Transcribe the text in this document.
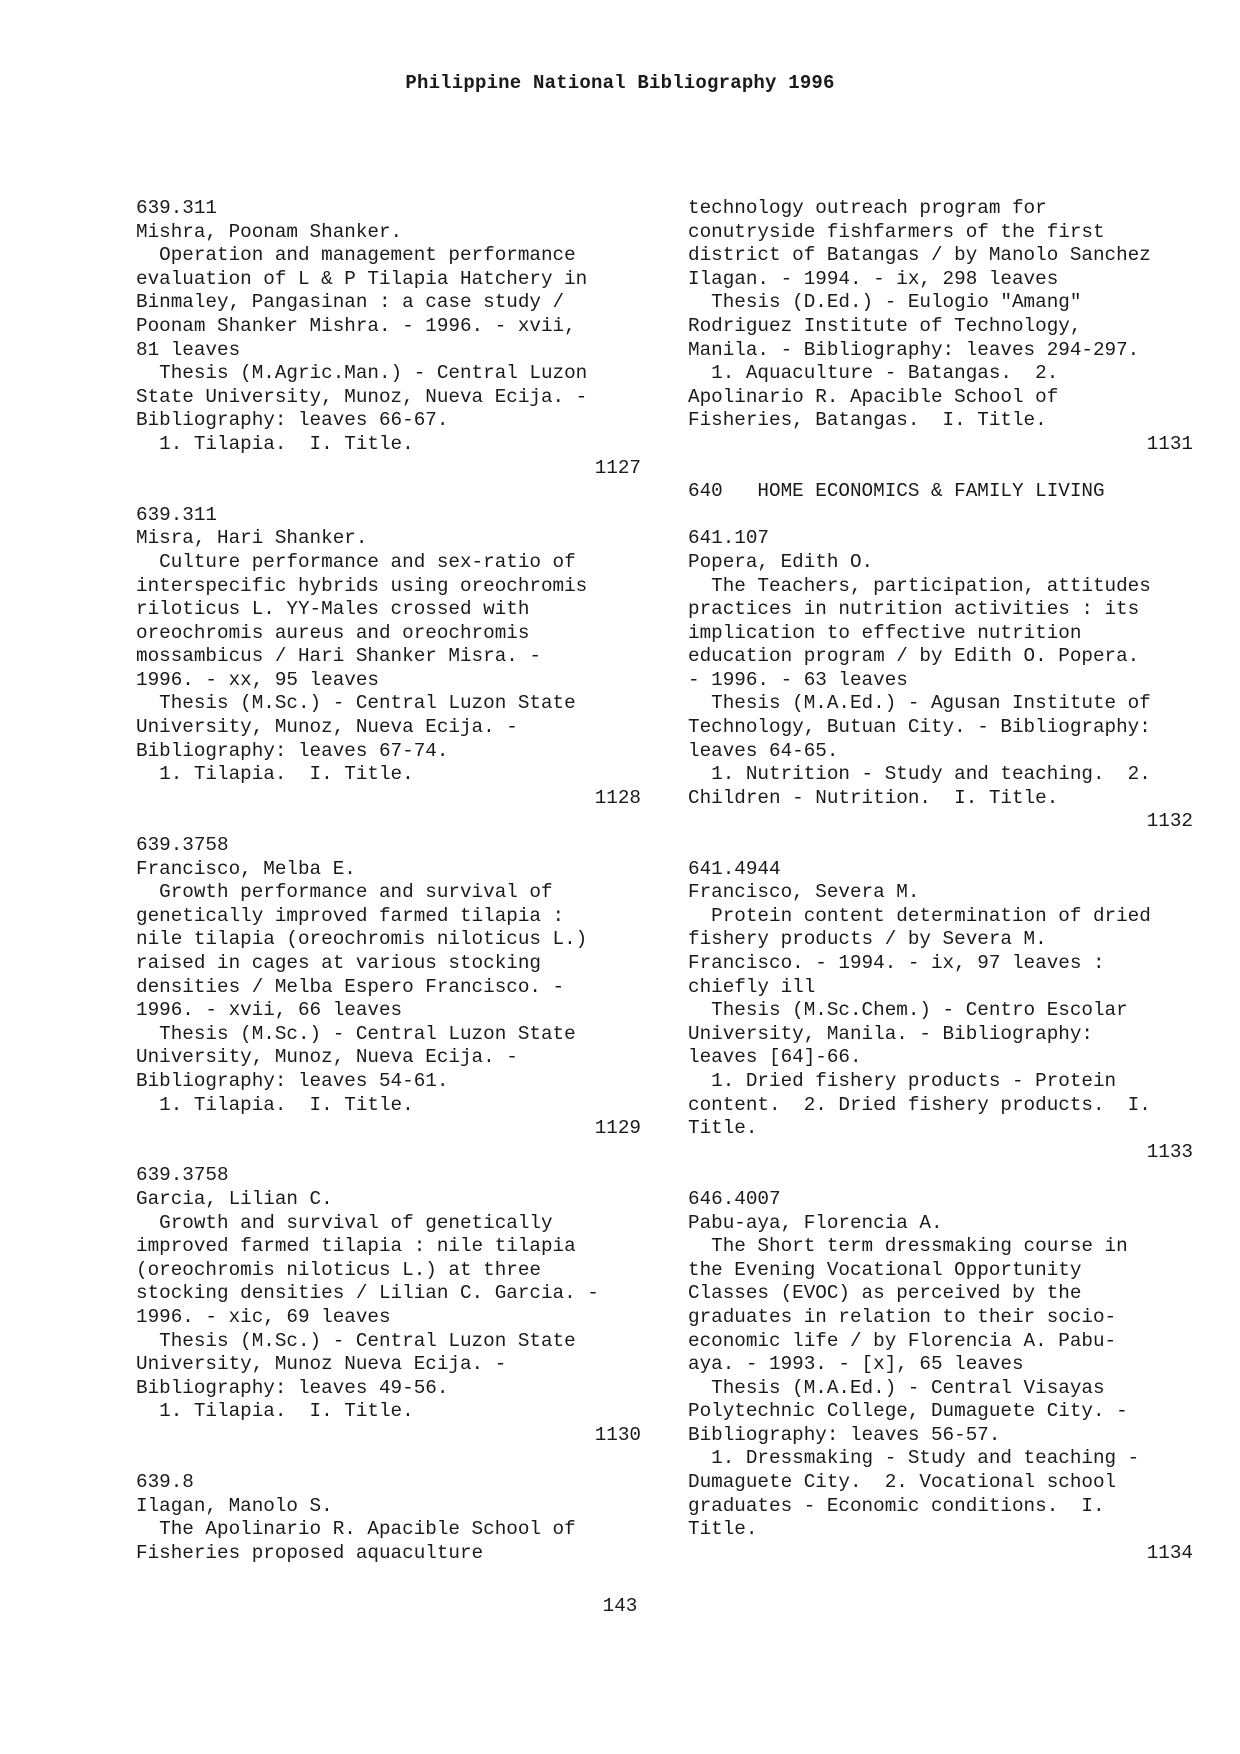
Philippine National Bibliography 1996
639.311
Mishra, Poonam Shanker.
Operation and management performance
evaluation of L & P Tilapia Hatchery in
Binmaley, Pangasinan : a case study /
Poonam Shanker Mishra. - 1996. - xvii,
81 leaves
Thesis (M.Agric.Man.) - Central Luzon
State University, Munoz, Nueva Ecija. -
Bibliography: leaves 66-67.
1. Tilapia.  I. Title.
1127
639.311
Misra, Hari Shanker.
Culture performance and sex-ratio of
interspecific hybrids using oreochromis
riloticus L. YY-Males crossed with
oreochromis aureus and oreochromis
mossambicus / Hari Shanker Misra. -
1996. - xx, 95 leaves
Thesis (M.Sc.) - Central Luzon State
University, Munoz, Nueva Ecija. -
Bibliography: leaves 67-74.
1. Tilapia.  I. Title.
1128
639.3758
Francisco, Melba E.
Growth performance and survival of
genetically improved farmed tilapia :
nile tilapia (oreochromis niloticus L.)
raised in cages at various stocking
densities / Melba Espero Francisco. -
1996. - xvii, 66 leaves
Thesis (M.Sc.) - Central Luzon State
University, Munoz, Nueva Ecija. -
Bibliography: leaves 54-61.
1. Tilapia.  I. Title.
1129
639.3758
Garcia, Lilian C.
Growth and survival of genetically
improved farmed tilapia : nile tilapia
(oreochromis niloticus L.) at three
stocking densities / Lilian C. Garcia. -
1996. - xic, 69 leaves
Thesis (M.Sc.) - Central Luzon State
University, Munoz Nueva Ecija. -
Bibliography: leaves 49-56.
1. Tilapia.  I. Title.
1130
639.8
Ilagan, Manolo S.
The Apolinario R. Apacible School of
Fisheries proposed aquaculture
technology outreach program for
conutryside fishfarmers of the first
district of Batangas / by Manolo Sanchez
Ilagan. - 1994. - ix, 298 leaves
Thesis (D.Ed.) - Eulogio "Amang"
Rodriguez Institute of Technology,
Manila. - Bibliography: leaves 294-297.
1. Aquaculture - Batangas.  2.
Apolinario R. Apacible School of
Fisheries, Batangas.  I. Title.
1131
640   HOME ECONOMICS & FAMILY LIVING
641.107
Popera, Edith O.
The Teachers, participation, attitudes
practices in nutrition activities : its
implication to effective nutrition
education program / by Edith O. Popera.
- 1996. - 63 leaves
Thesis (M.A.Ed.) - Agusan Institute of
Technology, Butuan City. - Bibliography:
leaves 64-65.
1. Nutrition - Study and teaching.  2.
Children - Nutrition.  I. Title.
1132
641.4944
Francisco, Severa M.
Protein content determination of dried
fishery products / by Severa M.
Francisco. - 1994. - ix, 97 leaves :
chiefly ill
Thesis (M.Sc.Chem.) - Centro Escolar
University, Manila. - Bibliography:
leaves [64]-66.
1. Dried fishery products - Protein
content.  2. Dried fishery products.  I.
Title.
1133
646.4007
Pabu-aya, Florencia A.
The Short term dressmaking course in
the Evening Vocational Opportunity
Classes (EVOC) as perceived by the
graduates in relation to their socio-
economic life / by Florencia A. Pabu-
aya. - 1993. - [x], 65 leaves
Thesis (M.A.Ed.) - Central Visayas
Polytechnic College, Dumaguete City. -
Bibliography: leaves 56-57.
1. Dressmaking - Study and teaching -
Dumaguete City.  2. Vocational school
graduates - Economic conditions.  I.
Title.
1134
143
